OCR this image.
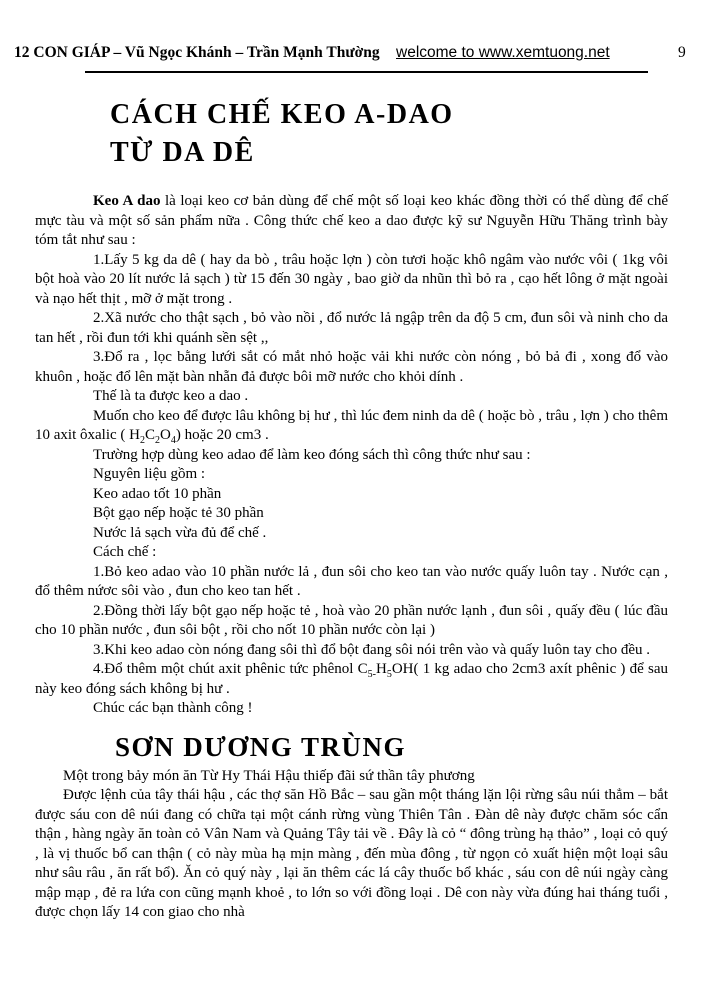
12 CON GIÁP – Vũ Ngọc Khánh – Trần Mạnh Thường welcome to www.xemtuong.net	9
CÁCH CHẾ KEO A-DAO
TỪ DA DÊ

Keo A dao là loại keo cơ bản dùng để chế một số loại keo khác đồng thời có thể dùng để chế mực tàu và một số sản phẩm nữa . Công thức chế keo a dao được kỹ sư Nguyễn Hữu Thăng trình bày tóm tắt như sau :

1.Lấy 5 kg da dê ( hay da bò , trâu hoặc lợn ) còn tươi hoặc khô ngâm vào nước vôi ( 1kg vôi bột hoà vào 20 lít nước lả sạch ) từ 15 đến 30 ngày , bao giờ da nhũn thì bỏ ra , cạo hết lông ở mặt ngoài và nạo hết thịt , mỡ ở mặt trong .

2.Xã nước cho thật sạch , bỏ vào nồi , đổ nước lả ngập trên da độ 5 cm, đun sôi và ninh cho da tan hết , rồi đun tới khi quánh sền sệt ,,

3.Đổ ra , lọc bằng lưới sắt có mắt nhỏ hoặc vải khi nước còn nóng , bỏ bả đi , xong đổ vào khuôn , hoặc đổ lên mặt bàn nhẵn đả được bôi mỡ nước cho khỏi dính .

Thế là ta được keo a dao .

Muốn cho keo để được lâu không bị hư , thì lúc đem ninh da dê ( hoặc bò , trâu , lợn ) cho thêm 10 axit ôxalic ( $H_2C_2O_4$) hoặc 20 cm3 .

Trường hợp dùng keo adao để làm keo đóng sách thì công thức như sau :

Nguyên liệu gồm :

Keo adao tốt 10 phần

Bột gạo nếp hoặc tẻ 30 phần

Nước lả sạch vừa đủ để chế .

Cách chế :

1.Bỏ keo adao vào 10 phần nước lả , đun sôi cho keo tan vào nước quấy luôn tay . Nước cạn , đổ thêm nứơc sôi vào , đun cho keo tan hết .

2.Đồng thời lấy bột gạo nếp hoặc tẻ , hoà vào 20 phần nước lạnh , đun sôi , quấy đều ( lúc đầu cho 10 phần nước , đun sôi bột , rồi cho nốt 10 phần nước còn lại )

3.Khi keo adao còn nóng đang sôi thì đổ bột đang sôi nói trên vào và quấy luôn tay cho đều .

4.Đổ thêm một chút axit phênic tức phênol $C_{5-}H_5OH$( 1 kg adao cho 2cm3 axít phênic ) để sau này keo đóng sách không bị hư .

Chúc các bạn thành công !

SƠN DƯƠNG TRÙNG

Một trong bảy món ăn Từ Hy Thái Hậu thiếp đãi sứ thần tây phương

Được lệnh của tây thái hậu , các thợ săn Hồ Bắc – sau gần một tháng lặn lội rừng sâu núi thẳm – bắt được sáu con dê núi đang có chữa tại một cánh rừng vùng Thiên Tân . Đàn dê này được chăm sóc cẩn thận , hàng ngày ăn toàn cỏ Vân Nam và Quảng Tây tải về . Đây là cỏ “ đông trùng hạ thảo” , loại cỏ quý , là vị thuốc bổ can thận ( cỏ này mùa hạ mịn màng , đến mùa đông , từ ngọn cỏ xuất hiện một loại sâu như sâu râu , ăn rất bổ). Ăn cỏ quý này , lại ăn thêm các lá cây thuốc bổ khác , sáu con dê núi ngày càng mập mạp , đẻ ra lứa con cũng mạnh khoẻ , to lớn so với đồng loại . Dê con này vừa đúng hai tháng tuổi , được chọn lấy 14 con giao cho nhà
